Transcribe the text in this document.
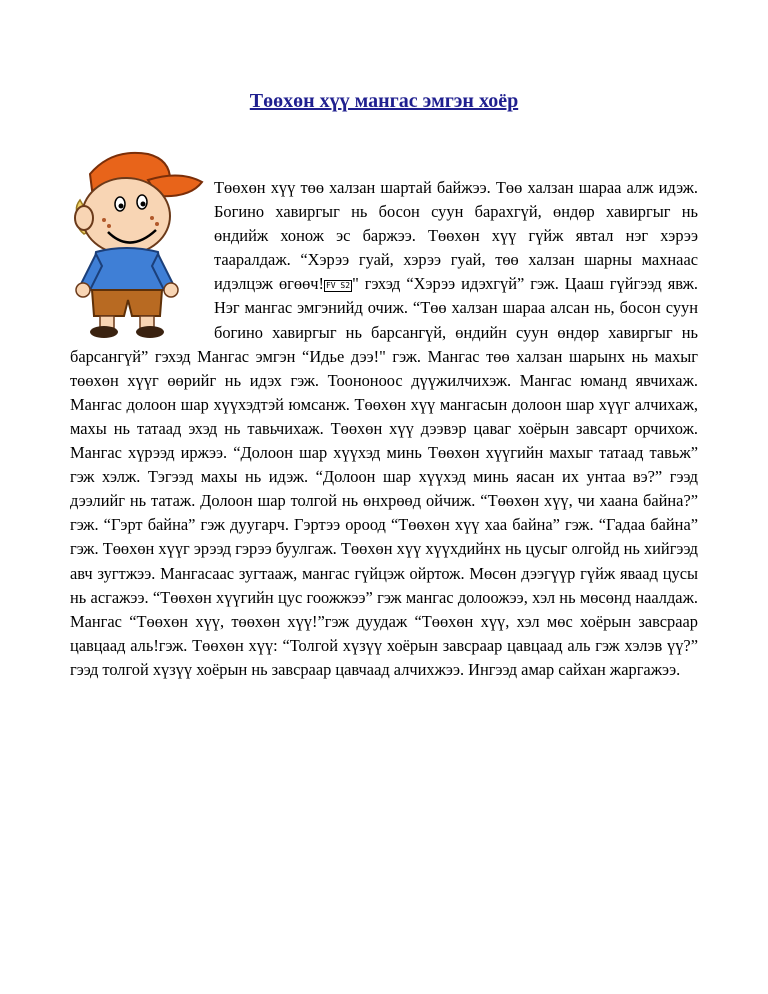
Төөхөн хүү мангас эмгэн хоёр

Төөхөн хүү төө халзан шартай байжээ. Төө халзан шараа алж идэж. Богино хавиргыг нь босон суун барахгүй, өндөр хавиргыг нь өндийж хонож эс баржээ. Төөхөн хүү гүйж явтал нэг хэрээ тааралдаж. “Хэрээ гуай, хэрээ гуай, төө халзан шарны махнаас идэлцэж өгөөч! FV S2 " гэхэд “Хэрээ идэхгүй” гэж. Цааш гүйгээд явж. Нэг мангас эмгэнийд очиж. “Төө халзан шараа алсан нь, босон суун богино хавиргыг нь барсангүй, өндийн суун өндөр хавиргыг нь барсангүй” гэхэд Мангас эмгэн “Идье дээ!" гэж. Мангас төө халзан шарынх нь махыг төөхөн хүүг өөрийг нь идэх гэж. Тоононоос дүүжилчихэж. Мангас юманд явчихаж. Мангас долоон шар хүүхэдтэй юмсанж. Төөхөн хүү мангасын долоон шар хүүг алчихаж, махы нь татаад эхэд нь тавьчихаж. Төөхөн хүү дээвэр цаваг хоёрын завсарт орчихож. Мангас хүрээд иржээ. “Долоон шар хүүхэд минь Төөхөн хүүгийн махыг татаад тавьж” гэж хэлж. Тэгээд махы нь идэж. “Долоон шар хүүхэд минь яасан их унтаа вэ?” гээд дээлийг нь татаж. Долоон шар толгой нь өнхрөөд ойчиж. “Төөхөн хүү, чи хаана байна?” гэж. “Гэрт байна” гэж дуугарч. Гэртээ ороод “Төөхөн хүү хаа байна” гэж. “Гадаа байна” гэж. Төөхөн хүүг эрээд гэрээ буулгаж. Төөхөн хүү хүүхдийнх нь цусыг олгойд нь хийгээд авч зугтжээ. Мангасаас зугтааж, мангас гүйцэж ойртож. Мөсөн дээгүүр гүйж яваад цусы нь асгажээ. “Төөхөн хүүгийн цус гоожжээ” гэж мангас долоожээ, хэл нь мөсөнд наалдаж. Мангас “Төөхөн хүү, төөхөн хүү!”гэж дуудаж “Төөхөн хүү, хэл мөс хоёрын завсраар цавцаад аль!гэж. Төөхөн хүү: “Толгой хүзүү хоёрын завсраар цавцаад аль гэж хэлэв үү?” гээд толгой хүзүү хоёрын нь завсраар цавчаад алчихжээ. Ингээд амар сайхан жаргажээ.
